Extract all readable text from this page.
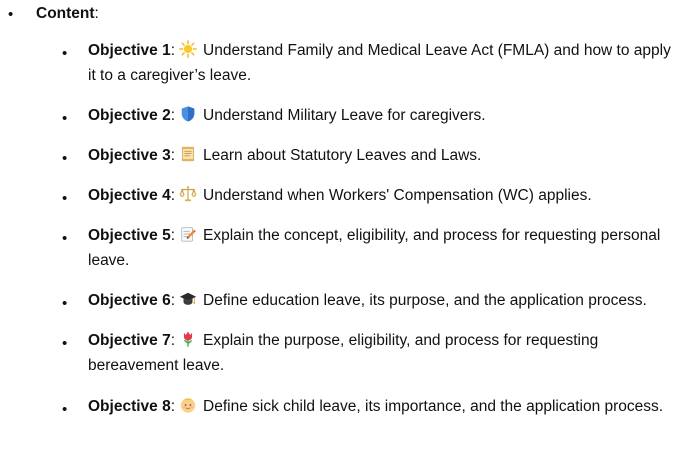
• Content:
• Objective 1: Understand Family and Medical Leave Act (FMLA) and how to apply it to a caregiver’s leave.
• Objective 2: Understand Military Leave for caregivers.
• Objective 3: Learn about Statutory Leaves and Laws.
• Objective 4: Understand when Workers' Compensation (WC) applies.
• Objective 5: Explain the concept, eligibility, and process for requesting personal leave.
• Objective 6: Define education leave, its purpose, and the application process.
• Objective 7: Explain the purpose, eligibility, and process for requesting bereavement leave.
• Objective 8: Define sick child leave, its importance, and the application process.
